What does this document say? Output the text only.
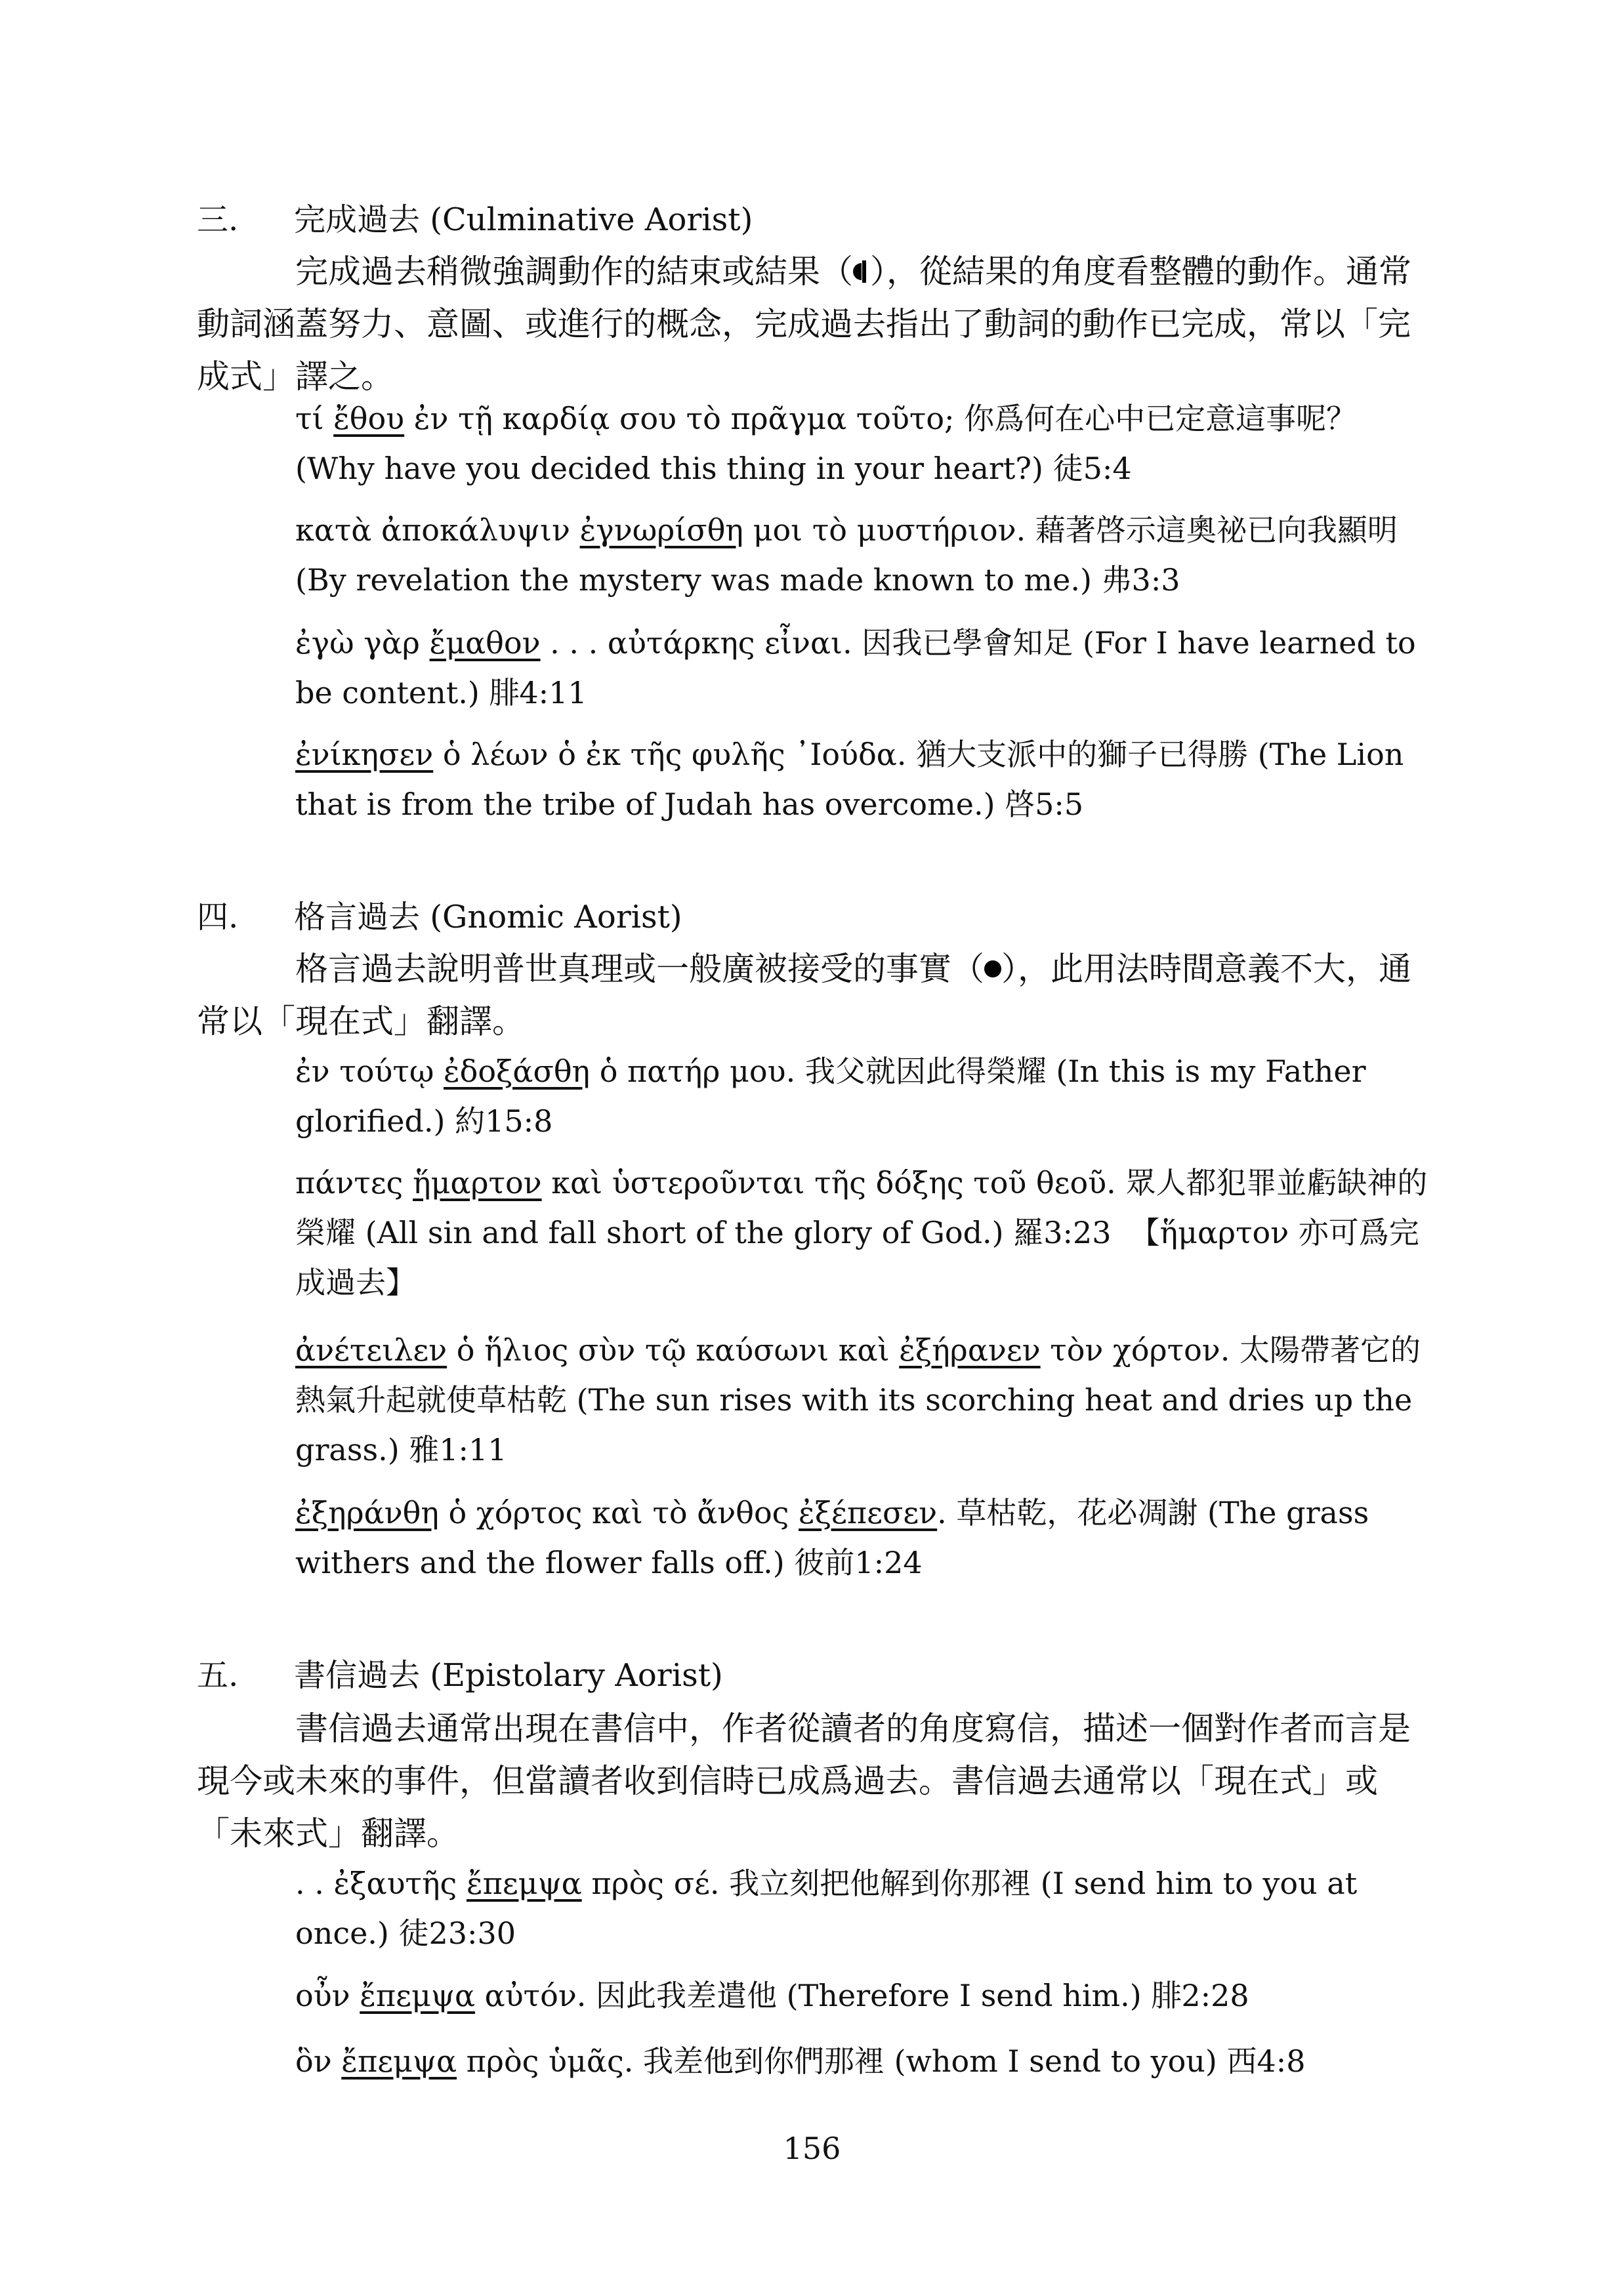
三. 完成過去 (Culminative Aorist)
完成過去稍微強調動作的結束或結果（ ），從結果的角度看整體的動作。通常動詞涵蓋努力、意圖、或進行的概念，完成過去指出了動詞的動作已完成，常以「完成式」譯之。
τί ἔθου ἐν τῇ καρδίᾳ σου τὸ πρᾶγμα τοῦτο; 你爲何在心中已定意這事呢？ (Why have you decided this thing in your heart?) 徒5:4
κατὰ ἀποκάλυψιν ἐγνωρίσθη μοι τὸ μυστήριον. 藉著啓示這奧祕已向我顯明 (By revelation the mystery was made known to me.) 弗3:3
ἐγὼ γὰρ ἔμαθον . . . αὐτάρκης εἶναι. 因我已學會知足 (For I have learned to be content.) 腓4:11
ἐνίκησεν ὁ λέων ὁ ἐκ τῆς φυλῆς ᾿Ιούδα. 猶大支派中的獅子已得勝 (The Lion that is from the tribe of Judah has overcome.) 啓5:5
四. 格言過去 (Gnomic Aorist)
格言過去說明普世真理或一般廣被接受的事實（ ），此用法時間意義不大，通常以「現在式」翻譯。
ἐν τούτῳ ἐδοξάσθη ὁ πατήρ μου. 我父就因此得榮耀 (In this is my Father glorified.) 約15:8
πάντες ἥμαρτον καὶ ὑστεροῦνται τῆς δόξης τοῦ θεοῦ. 眾人都犯罪並虧缺神的榮耀 (All sin and fall short of the glory of God.) 羅3:23 【ἥμαρτον 亦可爲完成過去】
ἀνέτειλεν ὁ ἥλιος σὺν τῷ καύσωνι καὶ ἐξήρανεν τὸν χόρτον. 太陽帶著它的熱氣升起就使草枯乾 (The sun rises with its scorching heat and dries up the grass.) 雅1:11
ἐξηράνθη ὁ χόρτος καὶ τὸ ἄνθος ἐξέπεσεν. 草枯乾，花必凋謝 (The grass withers and the flower falls off.) 彼前1:24
五. 書信過去 (Epistolary Aorist)
書信過去通常出現在書信中，作者從讀者的角度寫信，描述一個對作者而言是現今或未來的事件，但當讀者收到信時已成爲過去。書信過去通常以「現在式」或「未來式」翻譯。
. . ἐξαυτῆς ἔπεμψα πρὸς σέ. 我立刻把他解到你那裡 (I send him to you at once.) 徒23:30
οὖν ἔπεμψα αὐτόν. 因此我差遣他 (Therefore I send him.) 腓2:28
ὃν ἔπεμψα πρὸς ὑμᾶς. 我差他到你們那裡 (whom I send to you) 西4:8
156
